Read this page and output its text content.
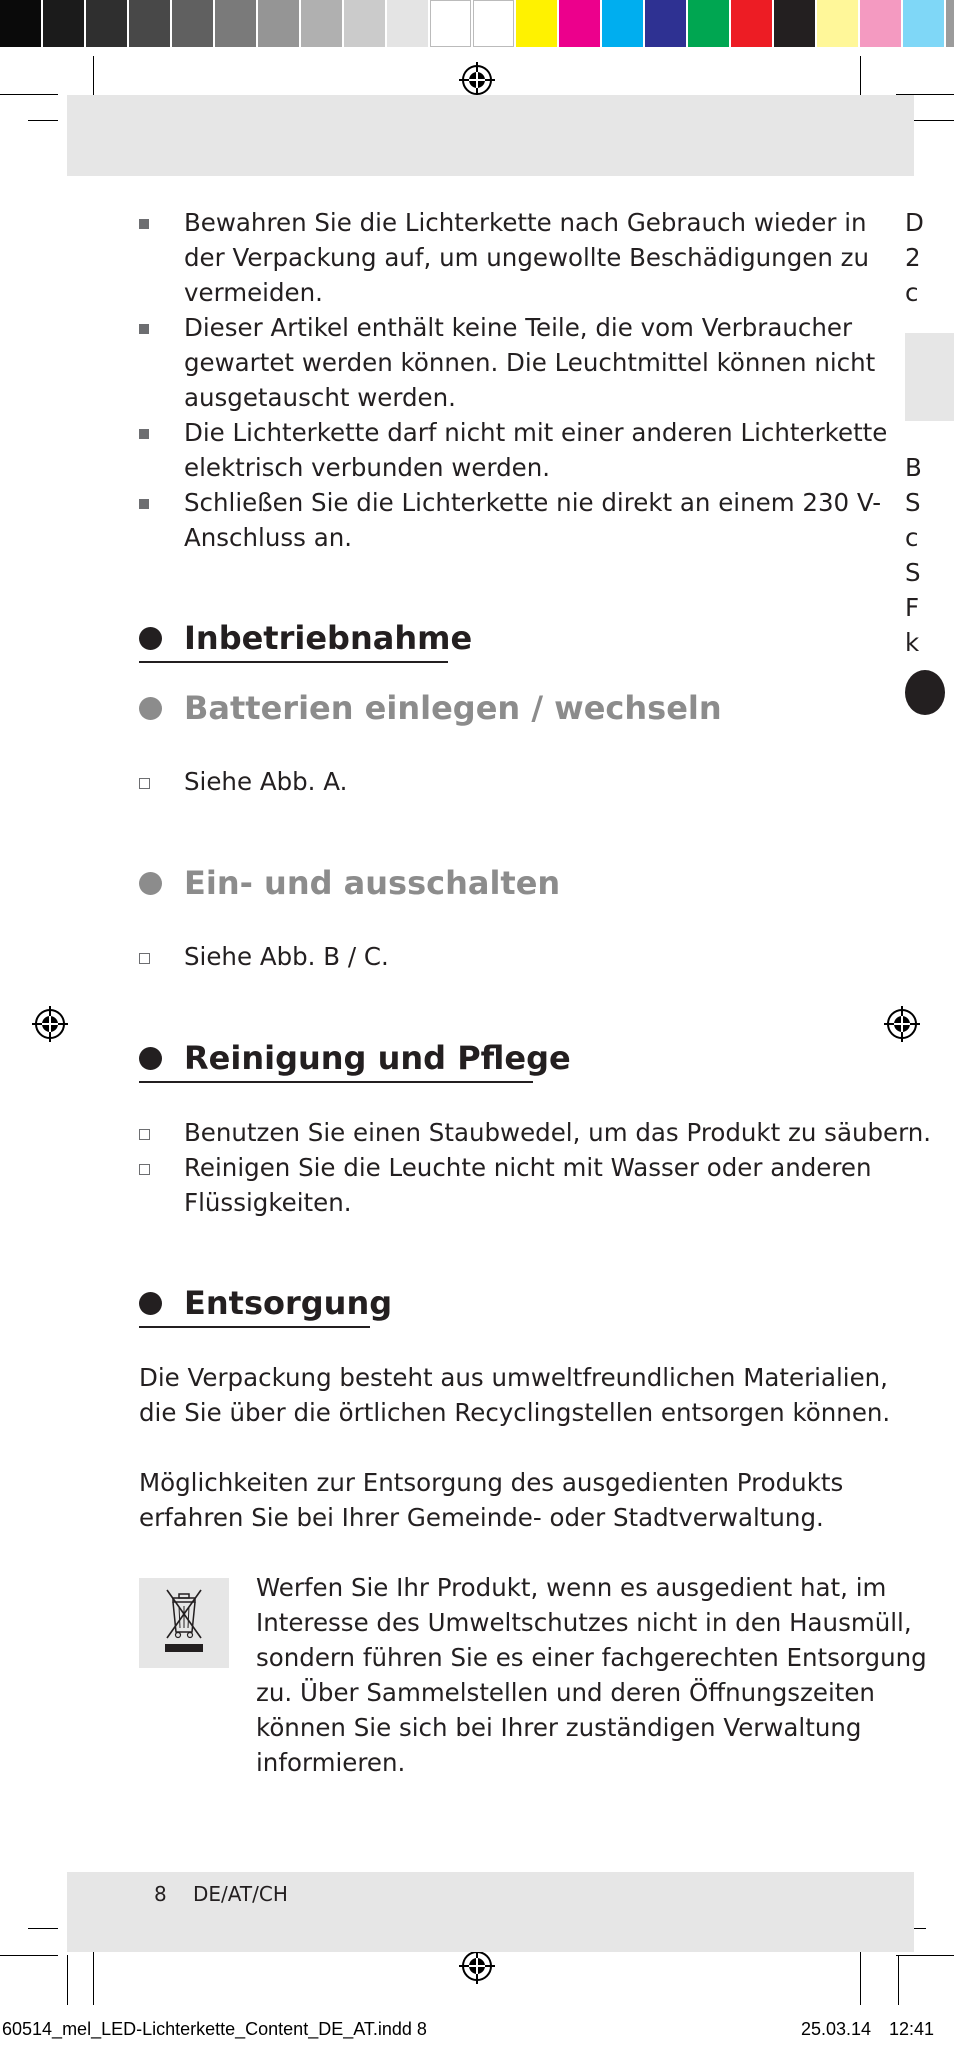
Bewahren Sie die Lichterkette nach Gebrauch wieder in
der Verpackung auf, um ungewollte Beschädigungen zu
vermeiden.
Dieser Artikel enthält keine Teile, die vom Verbraucher
gewartet werden können. Die Leuchtmittel können nicht
ausgetauscht werden.
Die Lichterkette darf nicht mit einer anderen Lichterkette
elektrisch verbunden werden.
Schließen Sie die Lichterkette nie direkt an einem 230 V-
Anschluss an.
Inbetriebnahme
Batterien einlegen / wechseln
Siehe Abb. A.
Ein- und ausschalten
Siehe Abb. B / C.
Reinigung und Pflege
Benutzen Sie einen Staubwedel, um das Produkt zu säubern.
Reinigen Sie die Leuchte nicht mit Wasser oder anderen
Flüssigkeiten.
Entsorgung
Die Verpackung besteht aus umweltfreundlichen Materialien,
die Sie über die örtlichen Recyclingstellen entsorgen können.
Möglichkeiten zur Entsorgung des ausgedienten Produkts
erfahren Sie bei Ihrer Gemeinde- oder Stadtverwaltung.
Werfen Sie Ihr Produkt, wenn es ausgedient hat, im
Interesse des Umweltschutzes nicht in den Hausmüll,
sondern führen Sie es einer fachgerechten Entsorgung
zu. Über Sammelstellen und deren Öffnungszeiten
können Sie sich bei Ihrer zuständigen Verwaltung
informieren.
D
2
c
B
S
c
S
F
k
8 DE/AT/CH
60514_mel_LED-Lichterkette_Content_DE_AT.indd 8	25.03.14 12:41
